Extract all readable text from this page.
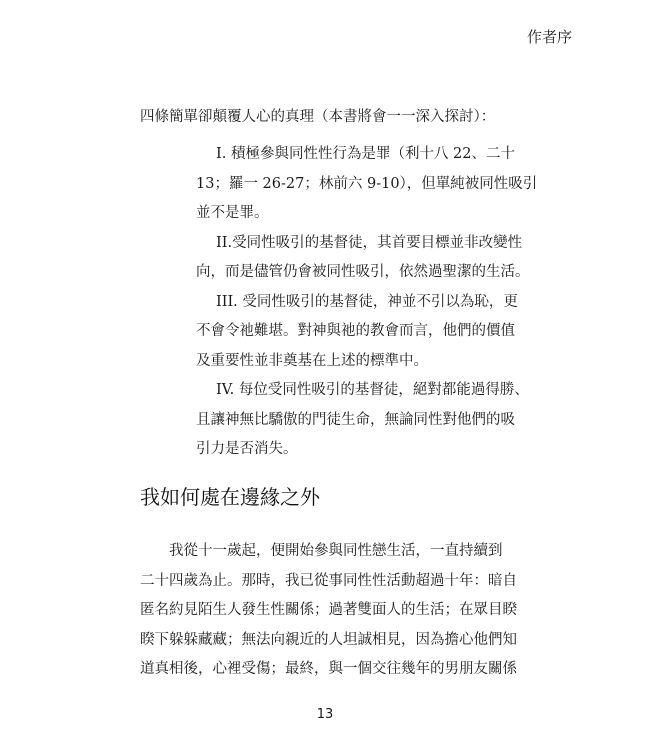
作者序
四條簡單卻顛覆人心的真理（本書將會一一深入探討）：
I. 積極參與同性性行為是罪（利十八 22、二十
13；羅一 26-27；林前六 9-10），但單純被同性吸引
並不是罪。
II.受同性吸引的基督徒，其首要目標並非改變性
向，而是儘管仍會被同性吸引，依然過聖潔的生活。
III. 受同性吸引的基督徒，神並不引以為恥，更
不會令祂難堪。對神與祂的教會而言，他們的價值
及重要性並非奠基在上述的標準中。
IV. 每位受同性吸引的基督徒，絕對都能過得勝、
且讓神無比驕傲的門徒生命，無論同性對他們的吸
引力是否消失。
我如何處在邊緣之外
我從十一歲起，便開始參與同性戀生活，一直持續到
二十四歲為止。那時，我已從事同性性活動超過十年：暗自
匿名約見陌生人發生性關係；過著雙面人的生活；在眾目睽
睽下躲躲藏藏；無法向親近的人坦誠相見，因為擔心他們知
道真相後，心裡受傷；最終，與一個交往幾年的男朋友關係
13
